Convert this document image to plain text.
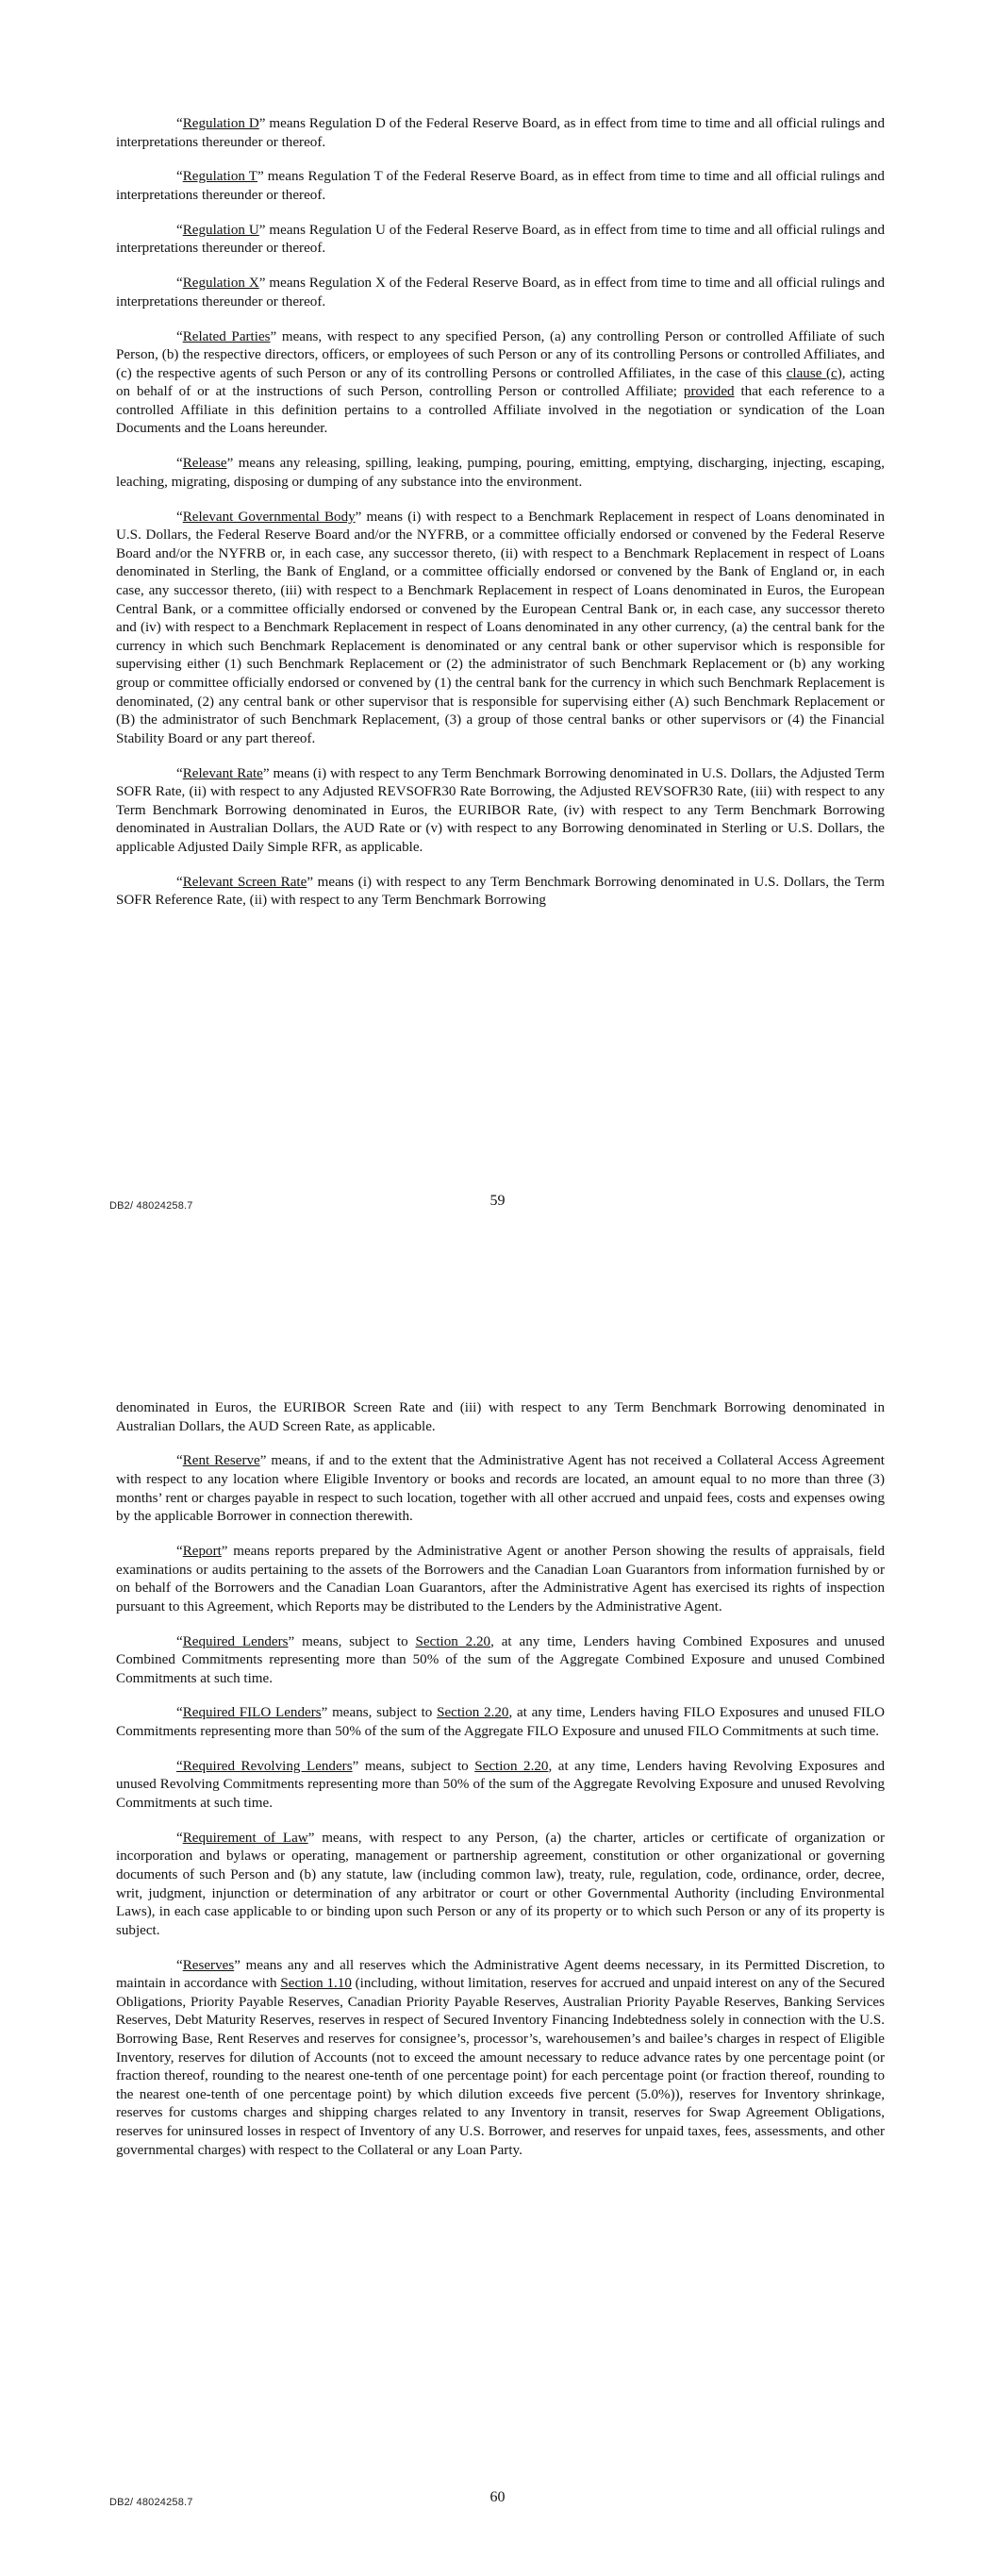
“Regulation D” means Regulation D of the Federal Reserve Board, as in effect from time to time and all official rulings and interpretations thereunder or thereof.

“Regulation T” means Regulation T of the Federal Reserve Board, as in effect from time to time and all official rulings and interpretations thereunder or thereof.

“Regulation U” means Regulation U of the Federal Reserve Board, as in effect from time to time and all official rulings and interpretations thereunder or thereof.

“Regulation X” means Regulation X of the Federal Reserve Board, as in effect from time to time and all official rulings and interpretations thereunder or thereof.

“Related Parties” means, with respect to any specified Person, (a) any controlling Person or controlled Affiliate of such Person, (b) the respective directors, officers, or employees of such Person or any of its controlling Persons or controlled Affiliates, and (c) the respective agents of such Person or any of its controlling Persons or controlled Affiliates, in the case of this clause (c), acting on behalf of or at the instructions of such Person, controlling Person or controlled Affiliate; provided that each reference to a controlled Affiliate in this definition pertains to a controlled Affiliate involved in the negotiation or syndication of the Loan Documents and the Loans hereunder.

“Release” means any releasing, spilling, leaking, pumping, pouring, emitting, emptying, discharging, injecting, escaping, leaching, migrating, disposing or dumping of any substance into the environment.

“Relevant Governmental Body” means (i) with respect to a Benchmark Replacement in respect of Loans denominated in U.S. Dollars, the Federal Reserve Board and/or the NYFRB, or a committee officially endorsed or convened by the Federal Reserve Board and/or the NYFRB or, in each case, any successor thereto, (ii) with respect to a Benchmark Replacement in respect of Loans denominated in Sterling, the Bank of England, or a committee officially endorsed or convened by the Bank of England or, in each case, any successor thereto, (iii) with respect to a Benchmark Replacement in respect of Loans denominated in Euros, the European Central Bank, or a committee officially endorsed or convened by the European Central Bank or, in each case, any successor thereto and (iv) with respect to a Benchmark Replacement in respect of Loans denominated in any other currency, (a) the central bank for the currency in which such Benchmark Replacement is denominated or any central bank or other supervisor which is responsible for supervising either (1) such Benchmark Replacement or (2) the administrator of such Benchmark Replacement or (b) any working group or committee officially endorsed or convened by (1) the central bank for the currency in which such Benchmark Replacement is denominated, (2) any central bank or other supervisor that is responsible for supervising either (A) such Benchmark Replacement or (B) the administrator of such Benchmark Replacement, (3) a group of those central banks or other supervisors or (4) the Financial Stability Board or any part thereof.

“Relevant Rate” means (i) with respect to any Term Benchmark Borrowing denominated in U.S. Dollars, the Adjusted Term SOFR Rate, (ii) with respect to any Adjusted REVSOFR30 Rate Borrowing, the Adjusted REVSOFR30 Rate, (iii) with respect to any Term Benchmark Borrowing denominated in Euros, the EURIBOR Rate, (iv) with respect to any Term Benchmark Borrowing denominated in Australian Dollars, the AUD Rate or (v) with respect to any Borrowing denominated in Sterling or U.S. Dollars, the applicable Adjusted Daily Simple RFR, as applicable.

“Relevant Screen Rate” means (i) with respect to any Term Benchmark Borrowing denominated in U.S. Dollars, the Term SOFR Reference Rate, (ii) with respect to any Term Benchmark Borrowing

DB2/ 48024258.7	59

denominated in Euros, the EURIBOR Screen Rate and (iii) with respect to any Term Benchmark Borrowing denominated in Australian Dollars, the AUD Screen Rate, as applicable.

“Rent Reserve” means, if and to the extent that the Administrative Agent has not received a Collateral Access Agreement with respect to any location where Eligible Inventory or books and records are located, an amount equal to no more than three (3) months’ rent or charges payable in respect to such location, together with all other accrued and unpaid fees, costs and expenses owing by the applicable Borrower in connection therewith.

“Report” means reports prepared by the Administrative Agent or another Person showing the results of appraisals, field examinations or audits pertaining to the assets of the Borrowers and the Canadian Loan Guarantors from information furnished by or on behalf of the Borrowers and the Canadian Loan Guarantors, after the Administrative Agent has exercised its rights of inspection pursuant to this Agreement, which Reports may be distributed to the Lenders by the Administrative Agent.

“Required Lenders” means, subject to Section 2.20, at any time, Lenders having Combined Exposures and unused Combined Commitments representing more than 50% of the sum of the Aggregate Combined Exposure and unused Combined Commitments at such time.

“Required FILO Lenders” means, subject to Section 2.20, at any time, Lenders having FILO Exposures and unused FILO Commitments representing more than 50% of the sum of the Aggregate FILO Exposure and unused FILO Commitments at such time.

“Required Revolving Lenders” means, subject to Section 2.20, at any time, Lenders having Revolving Exposures and unused Revolving Commitments representing more than 50% of the sum of the Aggregate Revolving Exposure and unused Revolving Commitments at such time.

“Requirement of Law” means, with respect to any Person, (a) the charter, articles or certificate of organization or incorporation and bylaws or operating, management or partnership agreement, constitution or other organizational or governing documents of such Person and (b) any statute, law (including common law), treaty, rule, regulation, code, ordinance, order, decree, writ, judgment, injunction or determination of any arbitrator or court or other Governmental Authority (including Environmental Laws), in each case applicable to or binding upon such Person or any of its property or to which such Person or any of its property is subject.

“Reserves” means any and all reserves which the Administrative Agent deems necessary, in its Permitted Discretion, to maintain in accordance with Section 1.10 (including, without limitation, reserves for accrued and unpaid interest on any of the Secured Obligations, Priority Payable Reserves, Canadian Priority Payable Reserves, Australian Priority Payable Reserves, Banking Services Reserves, Debt Maturity Reserves, reserves in respect of Secured Inventory Financing Indebtedness solely in connection with the U.S. Borrowing Base, Rent Reserves and reserves for consignee’s, processor’s, warehousemen’s and bailee’s charges in respect of Eligible Inventory, reserves for dilution of Accounts (not to exceed the amount necessary to reduce advance rates by one percentage point (or fraction thereof, rounding to the nearest one-tenth of one percentage point) for each percentage point (or fraction thereof, rounding to the nearest one-tenth of one percentage point) by which dilution exceeds five percent (5.0%)), reserves for Inventory shrinkage, reserves for customs charges and shipping charges related to any Inventory in transit, reserves for Swap Agreement Obligations, reserves for uninsured losses in respect of Inventory of any U.S. Borrower, and reserves for unpaid taxes, fees, assessments, and other governmental charges) with respect to the Collateral or any Loan Party.

DB2/ 48024258.7	60
